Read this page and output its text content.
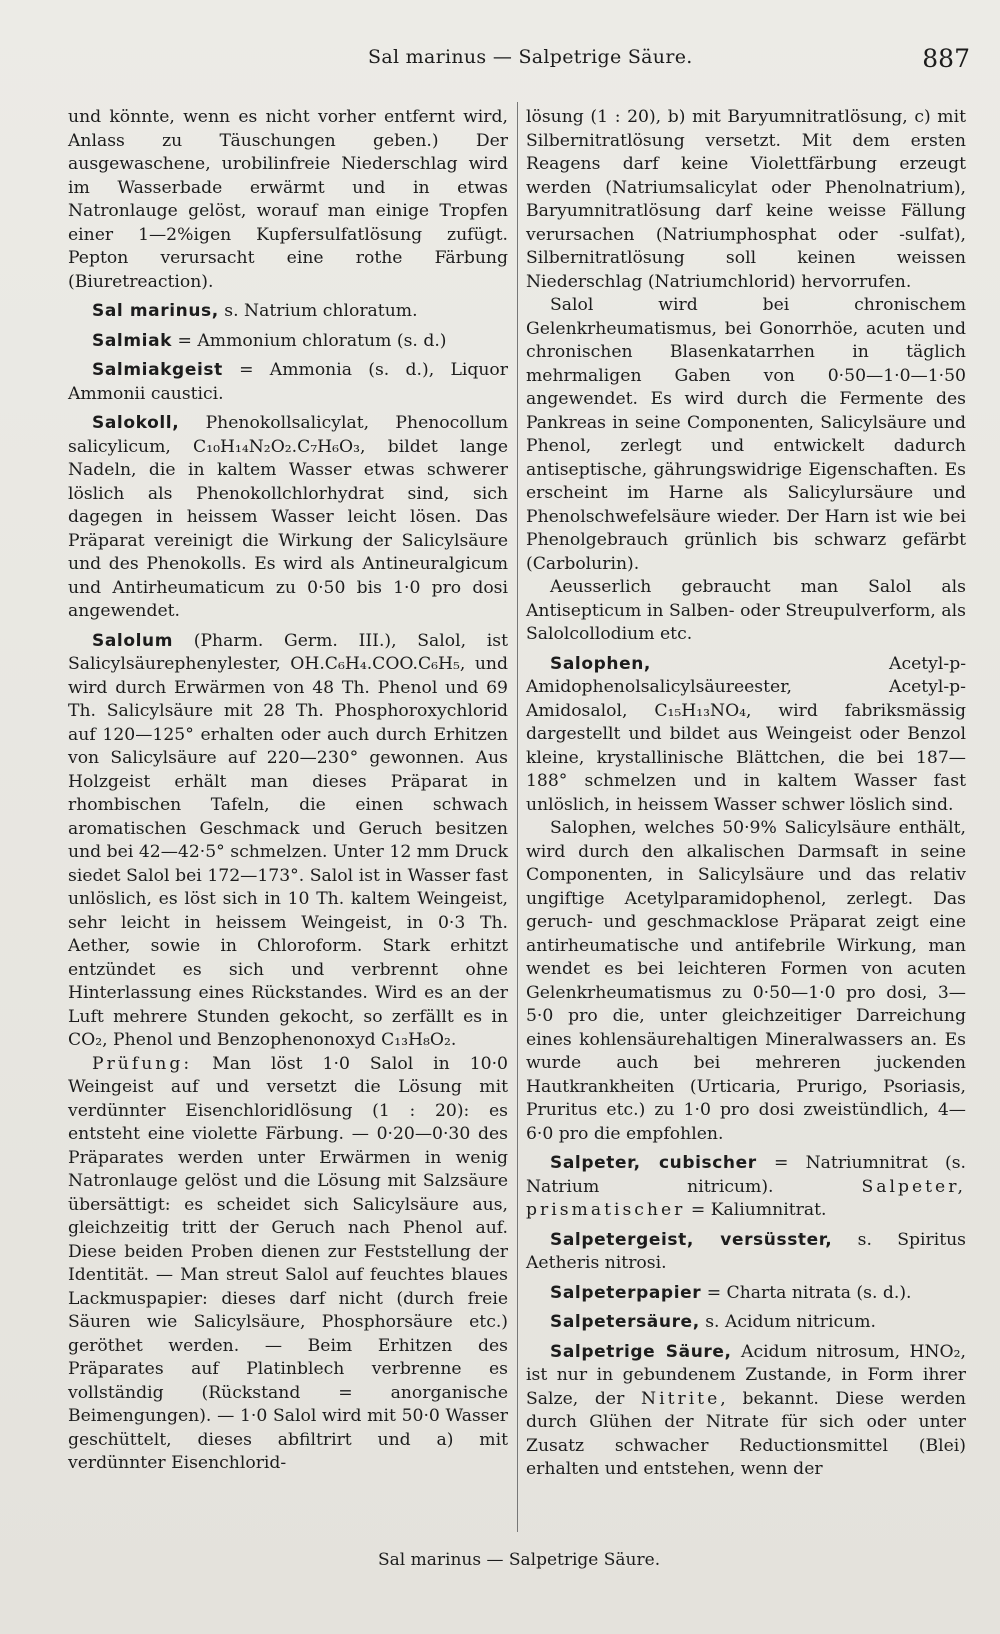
Sal marinus — Salpetrige Säure.	887

und könnte, wenn es nicht vorher entfernt wird, Anlass zu Täuschungen geben.) Der ausgewaschene, urobilinfreie Niederschlag wird im Wasserbade erwärmt und in etwas Natronlauge gelöst, worauf man einige Tropfen einer 1—2%igen Kupfersulfatlösung zufügt. Pepton verursacht eine rothe Färbung (Biuretreaction).

Sal marinus, s. Natrium chloratum.

Salmiak = Ammonium chloratum (s. d.)

Salmiakgeist = Ammonia (s. d.), Liquor Ammonii caustici.

Salokoll, Phenokollsalicylat, Phenocollum salicylicum, C₁₀H₁₄N₂O₂.C₇H₆O₃, bildet lange Nadeln, die in kaltem Wasser etwas schwerer löslich als Phenokollchlorhydrat sind, sich dagegen in heissem Wasser leicht lösen. Das Präparat vereinigt die Wirkung der Salicylsäure und des Phenokolls. Es wird als Antineuralgicum und Antirheumaticum zu 0·50 bis 1·0 pro dosi angewendet.

Salolum (Pharm. Germ. III.), Salol, ist Salicylsäurephenylester, OH.C₆H₄.COO.C₆H₅, und wird durch Erwärmen von 48 Th. Phenol und 69 Th. Salicylsäure mit 28 Th. Phosphoroxychlorid auf 120—125° erhalten oder auch durch Erhitzen von Salicylsäure auf 220—230° gewonnen. Aus Holzgeist erhält man dieses Präparat in rhombischen Tafeln, die einen schwach aromatischen Geschmack und Geruch besitzen und bei 42—42·5° schmelzen. Unter 12 mm Druck siedet Salol bei 172—173°. Salol ist in Wasser fast unlöslich, es löst sich in 10 Th. kaltem Weingeist, sehr leicht in heissem Weingeist, in 0·3 Th. Aether, sowie in Chloroform. Stark erhitzt entzündet es sich und verbrennt ohne Hinterlassung eines Rückstandes. Wird es an der Luft mehrere Stunden gekocht, so zerfällt es in CO₂, Phenol und Benzophenonoxyd C₁₃H₈O₂.

Prüfung: Man löst 1·0 Salol in 10·0 Weingeist auf und versetzt die Lösung mit verdünnter Eisenchloridlösung (1 : 20): es entsteht eine violette Färbung. — 0·20—0·30 des Präparates werden unter Erwärmen in wenig Natronlauge gelöst und die Lösung mit Salzsäure übersättigt: es scheidet sich Salicylsäure aus, gleichzeitig tritt der Geruch nach Phenol auf. Diese beiden Proben dienen zur Feststellung der Identität. — Man streut Salol auf feuchtes blaues Lackmuspapier: dieses darf nicht (durch freie Säuren wie Salicylsäure, Phosphorsäure etc.) geröthet werden. — Beim Erhitzen des Präparates auf Platinblech verbrenne es vollständig (Rückstand = anorganische Beimengungen). — 1·0 Salol wird mit 50·0 Wasser geschüttelt, dieses abfiltrirt und a) mit verdünnter Eisenchlorid-

lösung (1 : 20), b) mit Baryumnitratlösung, c) mit Silbernitratlösung versetzt. Mit dem ersten Reagens darf keine Violettfärbung erzeugt werden (Natriumsalicylat oder Phenolnatrium), Baryumnitratlösung darf keine weisse Fällung verursachen (Natriumphosphat oder -sulfat), Silbernitratlösung soll keinen weissen Niederschlag (Natriumchlorid) hervorrufen.

Salol wird bei chronischem Gelenkrheumatismus, bei Gonorrhöe, acuten und chronischen Blasenkatarrhen in täglich mehrmaligen Gaben von 0·50—1·0—1·50 angewendet. Es wird durch die Fermente des Pankreas in seine Componenten, Salicylsäure und Phenol, zerlegt und entwickelt dadurch antiseptische, gährungswidrige Eigenschaften. Es erscheint im Harne als Salicylursäure und Phenolschwefelsäure wieder. Der Harn ist wie bei Phenolgebrauch grünlich bis schwarz gefärbt (Carbolurin).

Aeusserlich gebraucht man Salol als Antisepticum in Salben- oder Streupulverform, als Salolcollodium etc.

Salophen, Acetyl-p-Amidophenolsalicylsäureester, Acetyl-p-Amidosalol, C₁₅H₁₃NO₄, wird fabriksmässig dargestellt und bildet aus Weingeist oder Benzol kleine, krystallinische Blättchen, die bei 187—188° schmelzen und in kaltem Wasser fast unlöslich, in heissem Wasser schwer löslich sind.

Salophen, welches 50·9% Salicylsäure enthält, wird durch den alkalischen Darmsaft in seine Componenten, in Salicylsäure und das relativ ungiftige Acetylparamidophenol, zerlegt. Das geruch- und geschmacklose Präparat zeigt eine antirheumatische und antifebrile Wirkung, man wendet es bei leichteren Formen von acuten Gelenkrheumatismus zu 0·50—1·0 pro dosi, 3—5·0 pro die, unter gleichzeitiger Darreichung eines kohlensäurehaltigen Mineralwassers an. Es wurde auch bei mehreren juckenden Hautkrankheiten (Urticaria, Prurigo, Psoriasis, Pruritus etc.) zu 1·0 pro dosi zweistündlich, 4—6·0 pro die empfohlen.

Salpeter, cubischer = Natriumnitrat (s. Natrium nitricum). Salpeter, prismatischer = Kaliumnitrat.

Salpetergeist, versüsster, s. Spiritus Aetheris nitrosi.

Salpeterpapier = Charta nitrata (s. d.).

Salpetersäure, s. Acidum nitricum.

Salpetrige Säure, Acidum nitrosum, HNO₂, ist nur in gebundenem Zustande, in Form ihrer Salze, der Nitrite, bekannt. Diese werden durch Glühen der Nitrate für sich oder unter Zusatz schwacher Reductionsmittel (Blei) erhalten und entstehen, wenn der

Sal marinus — Salpetrige Säure.
